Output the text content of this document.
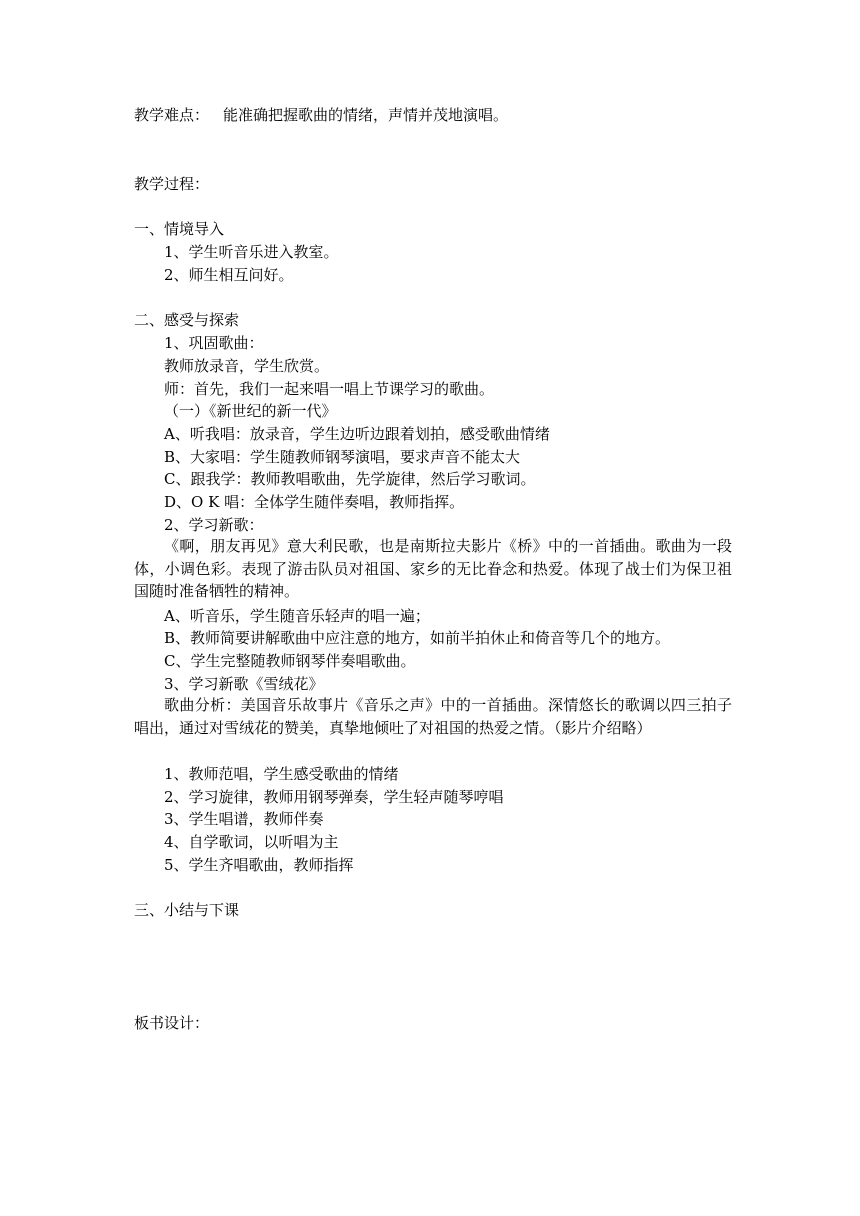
教学难点： 能准确把握歌曲的情绪，声情并茂地演唱。
教学过程：
一、情境导入
1、学生听音乐进入教室。
2、师生相互问好。
二、感受与探索
1、巩固歌曲：
教师放录音，学生欣赏。
师：首先，我们一起来唱一唱上节课学习的歌曲。
（一）《新世纪的新一代》
A、听我唱：放录音，学生边听边跟着划拍，感受歌曲情绪
B、大家唱：学生随教师钢琴演唱，要求声音不能太大
C、跟我学：教师教唱歌曲，先学旋律，然后学习歌词。
D、O K 唱：全体学生随伴奏唱，教师指挥。
2、学习新歌：
《啊，朋友再见》意大利民歌，也是南斯拉夫影片《桥》中的一首插曲。歌曲为一段体，小调色彩。表现了游击队员对祖国、家乡的无比眷念和热爱。体现了战士们为保卫祖国随时准备牺牲的精神。
A、听音乐，学生随音乐轻声的唱一遍；
B、教师简要讲解歌曲中应注意的地方，如前半拍休止和倚音等几个的地方。
C、学生完整随教师钢琴伴奏唱歌曲。
3、学习新歌《雪绒花》
歌曲分析：美国音乐故事片《音乐之声》中的一首插曲。深情悠长的歌调以四三拍子唱出，通过对雪绒花的赞美，真挚地倾吐了对祖国的热爱之情。（影片介绍略）
1、教师范唱，学生感受歌曲的情绪
2、学习旋律，教师用钢琴弹奏，学生轻声随琴哼唱
3、学生唱谱，教师伴奏
4、自学歌词，以听唱为主
5、学生齐唱歌曲，教师指挥
三、小结与下课
板书设计：
